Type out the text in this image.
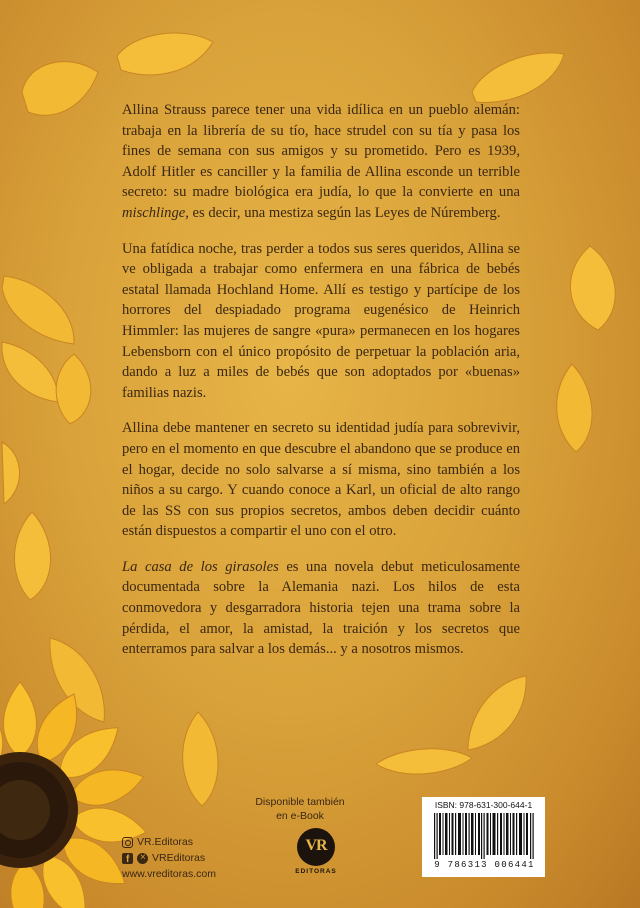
Allina Strauss parece tener una vida idílica en un pueblo alemán: trabaja en la librería de su tío, hace strudel con su tía y pasa los fines de semana con sus amigos y su prometido. Pero es 1939, Adolf Hitler es canciller y la familia de Allina esconde un terrible secreto: su madre biológica era judía, lo que la convierte en una mischlinge, es decir, una mestiza según las Leyes de Núremberg.

Una fatídica noche, tras perder a todos sus seres queridos, Allina se ve obligada a trabajar como enfermera en una fábrica de bebés estatal llamada Hochland Home. Allí es testigo y partícipe de los horrores del despiadado programa eugenésico de Heinrich Himmler: las mujeres de sangre «pura» permanecen en los hogares Lebensborn con el único propósito de perpetuar la población aria, dando a luz a miles de bebés que son adoptados por «buenas» familias nazis.

Allina debe mantener en secreto su identidad judía para sobrevivir, pero en el momento en que descubre el abandono que se produce en el hogar, decide no solo salvarse a sí misma, sino también a los niños a su cargo. Y cuando conoce a Karl, un oficial de alto rango de las SS con sus propios secretos, ambos deben decidir cuánto están dispuestos a compartir el uno con el otro.

La casa de los girasoles es una novela debut meticulosamente documentada sobre la Alemania nazi. Los hilos de esta conmovedora y desgarradora historia tejen una trama sobre la pérdida, el amor, la amistad, la traición y los secretos que enterramos para salvar a los demás... y a nosotros mismos.

VR.Editoras
f
×
VREditoras
www.vreditoras.com
Disponible también
en e-Book
VR
EDITORAS
ISBN: 978-631-300-644-1
9 786313 006441
